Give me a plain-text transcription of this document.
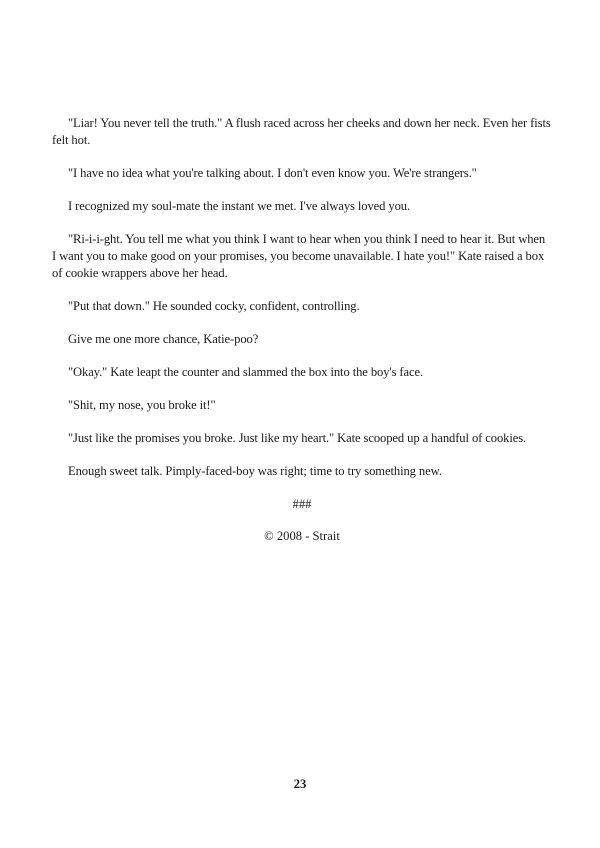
"Liar! You never tell the truth." A flush raced across her cheeks and down her neck. Even her fists felt hot.

"I have no idea what you're talking about. I don't even know you. We're strangers."

I recognized my soul-mate the instant we met. I've always loved you.

"Ri-i-i-ght. You tell me what you think I want to hear when you think I need to hear it. But when I want you to make good on your promises, you become unavailable. I hate you!" Kate raised a box of cookie wrappers above her head.

"Put that down." He sounded cocky, confident, controlling.

Give me one more chance, Katie-poo?

"Okay." Kate leapt the counter and slammed the box into the boy's face.

"Shit, my nose, you broke it!"

"Just like the promises you broke. Just like my heart." Kate scooped up a handful of cookies.

Enough sweet talk. Pimply-faced-boy was right; time to try something new.

###

© 2008 - Strait

23
